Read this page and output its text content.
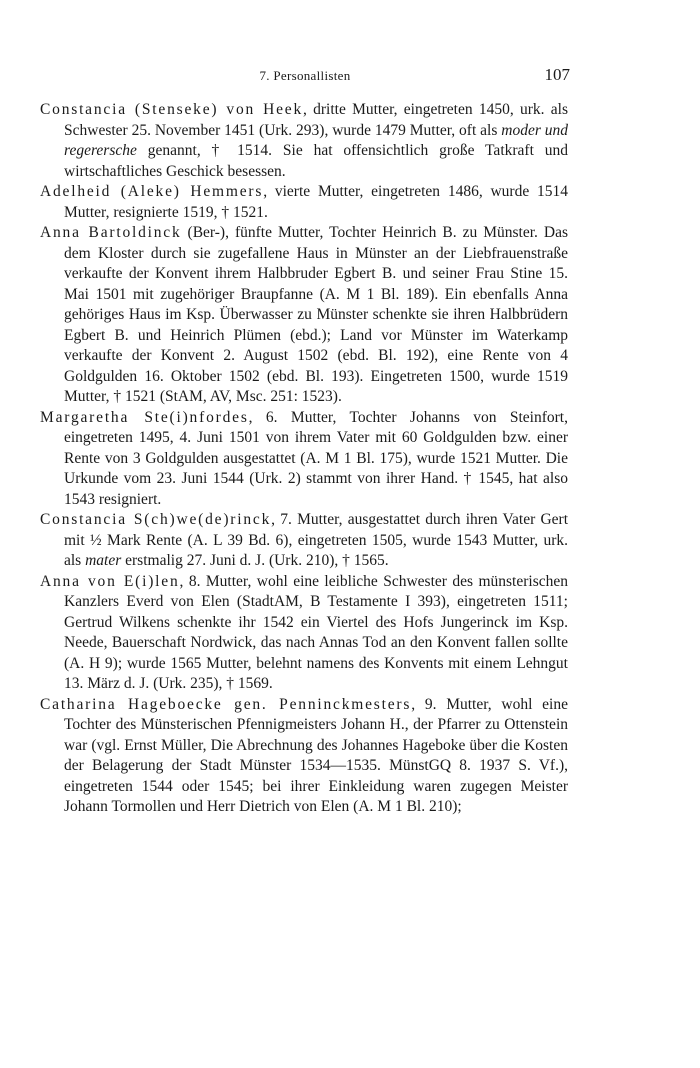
7. Personallisten	107

Constancia (Stenseke) von Heek, dritte Mutter, eingetreten 1450, urk. als Schwester 25. November 1451 (Urk. 293), wurde 1479 Mutter, oft als moder und regerersche genannt, † 1514. Sie hat offensichtlich große Tatkraft und wirtschaftliches Geschick besessen.

Adelheid (Aleke) Hemmers, vierte Mutter, eingetreten 1486, wurde 1514 Mutter, resignierte 1519, † 1521.

Anna Bartoldinck (Ber-), fünfte Mutter, Tochter Heinrich B. zu Münster. Das dem Kloster durch sie zugefallene Haus in Münster an der Liebfrauenstraße verkaufte der Konvent ihrem Halbbruder Egbert B. und seiner Frau Stine 15. Mai 1501 mit zugehöriger Braupfanne (A. M 1 Bl. 189). Ein ebenfalls Anna gehöriges Haus im Ksp. Überwasser zu Münster schenkte sie ihren Halbbrüdern Egbert B. und Heinrich Plümen (ebd.); Land vor Münster im Waterkamp verkaufte der Konvent 2. August 1502 (ebd. Bl. 192), eine Rente von 4 Goldgulden 16. Oktober 1502 (ebd. Bl. 193). Eingetreten 1500, wurde 1519 Mutter, † 1521 (StAM, AV, Msc. 251: 1523).

Margaretha Ste(i)nfordes, 6. Mutter, Tochter Johanns von Steinfort, eingetreten 1495, 4. Juni 1501 von ihrem Vater mit 60 Goldgulden bzw. einer Rente von 3 Goldgulden ausgestattet (A. M 1 Bl. 175), wurde 1521 Mutter. Die Urkunde vom 23. Juni 1544 (Urk. 2) stammt von ihrer Hand. † 1545, hat also 1543 resigniert.

Constancia S(ch)we(de)rinck, 7. Mutter, ausgestattet durch ihren Vater Gert mit ½ Mark Rente (A. L 39 Bd. 6), eingetreten 1505, wurde 1543 Mutter, urk. als mater erstmalig 27. Juni d. J. (Urk. 210), † 1565.

Anna von E(i)len, 8. Mutter, wohl eine leibliche Schwester des münsterischen Kanzlers Everd von Elen (StadtAM, B Testamente I 393), eingetreten 1511; Gertrud Wilkens schenkte ihr 1542 ein Viertel des Hofs Jungerinck im Ksp. Neede, Bauerschaft Nordwick, das nach Annas Tod an den Konvent fallen sollte (A. H 9); wurde 1565 Mutter, belehnt namens des Konvents mit einem Lehngut 13. März d. J. (Urk. 235), † 1569.

Catharina Hageboecke gen. Penninckmesters, 9. Mutter, wohl eine Tochter des Münsterischen Pfennigmeisters Johann H., der Pfarrer zu Ottenstein war (vgl. Ernst Müller, Die Abrechnung des Johannes Hageboke über die Kosten der Belagerung der Stadt Münster 1534—1535. MünstGQ 8. 1937 S. Vf.), eingetreten 1544 oder 1545; bei ihrer Einkleidung waren zugegen Meister Johann Tormollen und Herr Dietrich von Elen (A. M 1 Bl. 210);
